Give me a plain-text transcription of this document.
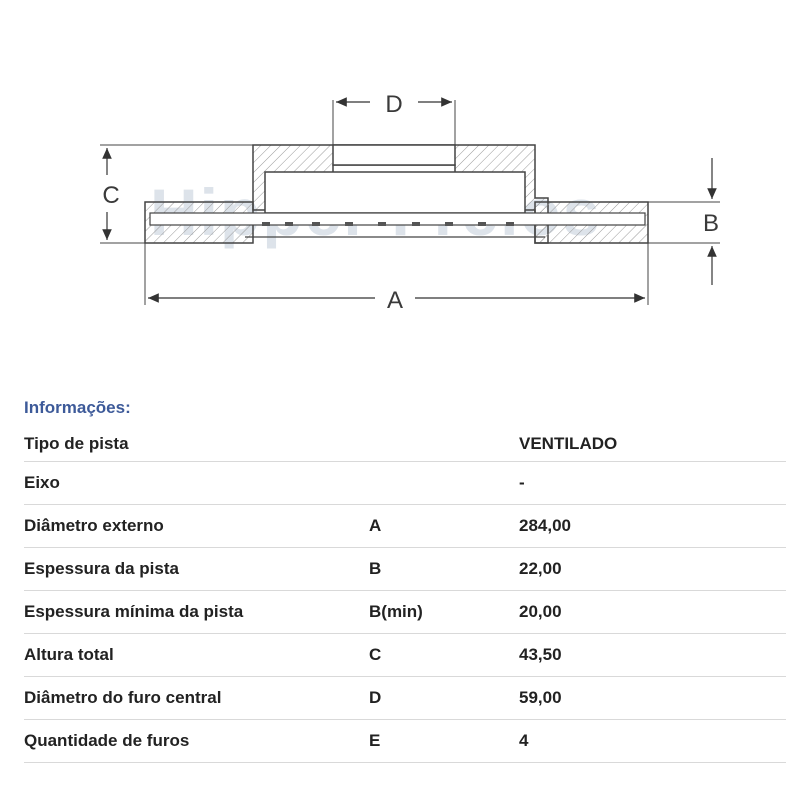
Hipper
D
C
B
A
Informações:
Tipo de pista		VENTILADO
Eixo		-
Diâmetro externo	A	284,00
Espessura da pista	B	22,00
Espessura mínima da pista	B(min)	20,00
Altura total	C	43,50
Diâmetro do furo central	D	59,00
Quantidade de furos	E	4
